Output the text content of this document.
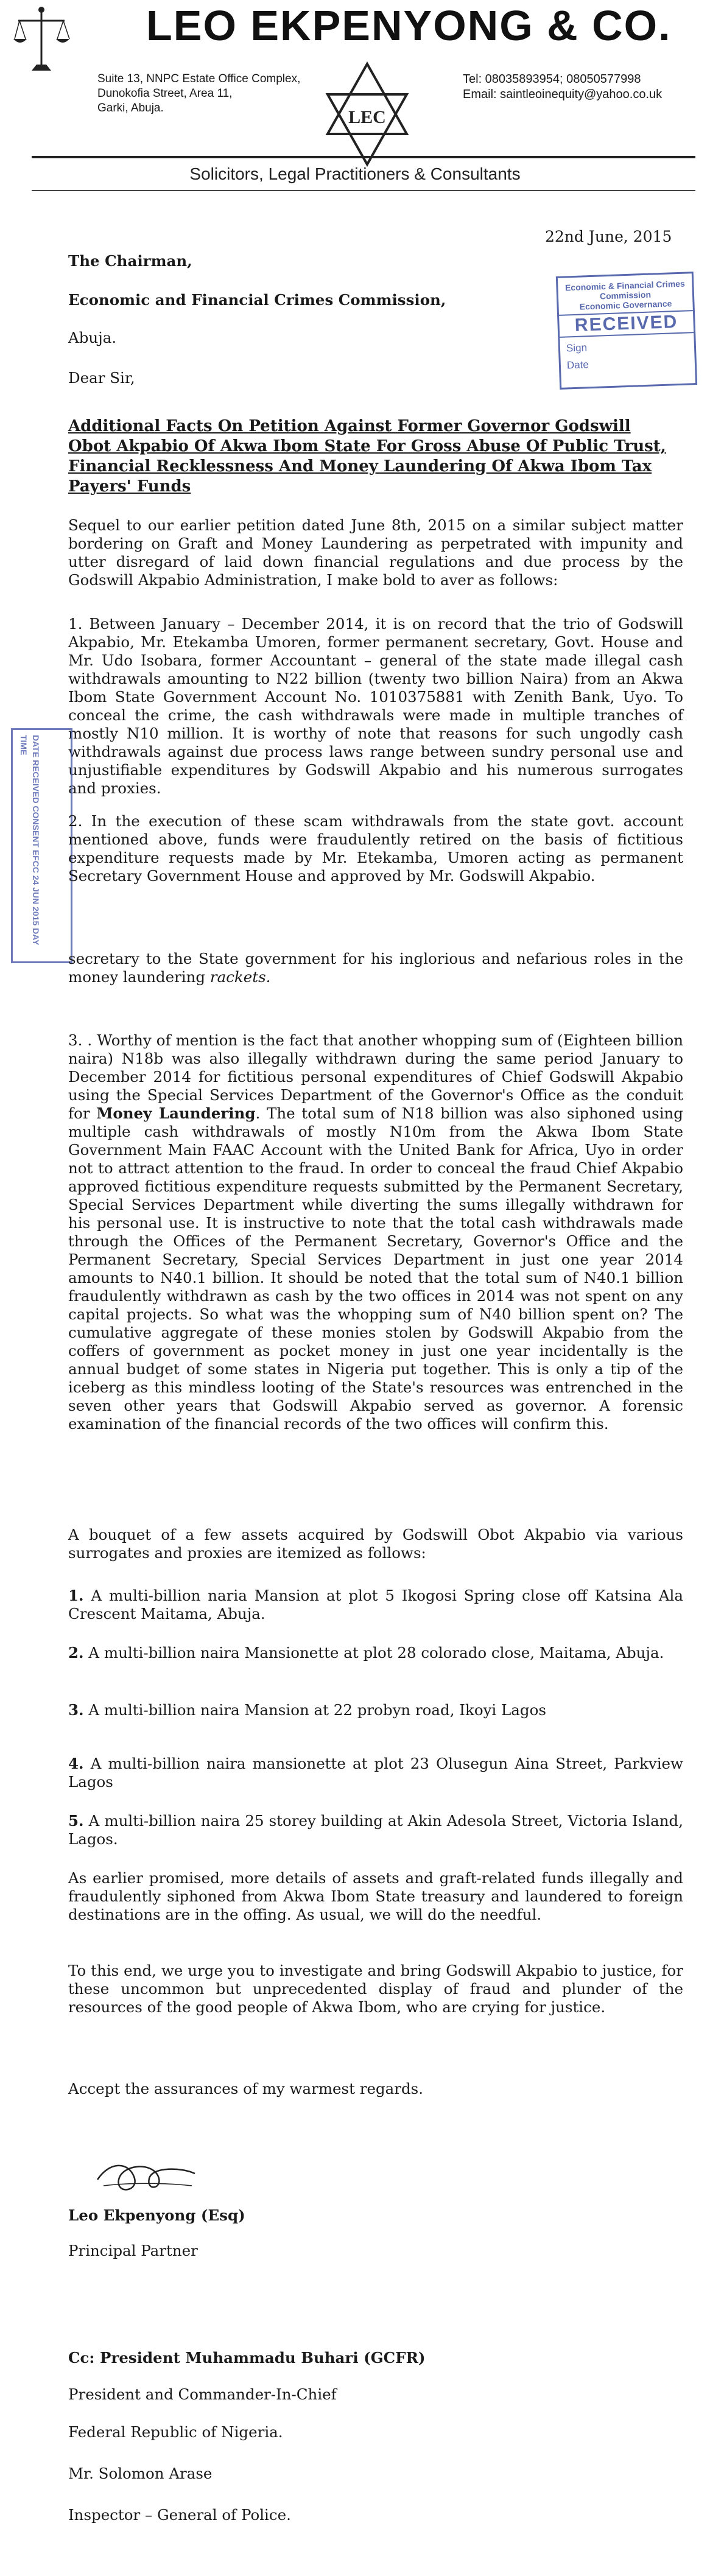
LEO EKPENYONG & CO.
Suite 13, NNPC Estate Office Complex,
Dunokofia Street, Area 11,
Garki, Abuja.	LEC
Tel: 08035893954; 08050577998
Email: saintleoinequity@yahoo.co.uk
Solicitors, Legal Practitioners & Consultants
22nd June, 2015
The Chairman,
Economic and Financial Crimes Commission,
Abuja.
Dear Sir,
Economic & Financial Crimes Commission
Economic Governance
RECEIVED
Sign
Date
Additional Facts On Petition Against Former Governor Godswill Obot Akpabio Of Akwa Ibom State For Gross Abuse Of Public Trust, Financial Recklessness And Money Laundering Of Akwa Ibom Tax Payers' Funds
Sequel to our earlier petition dated June 8th, 2015 on a similar subject matter bordering on Graft and Money Laundering as perpetrated with impunity and utter disregard of laid down financial regulations and due process by the Godswill Akpabio Administration, I make bold to aver as follows:
1. Between January – December 2014, it is on record that the trio of Godswill Akpabio, Mr. Etekamba Umoren, former permanent secretary, Govt. House and Mr. Udo Isobara, former Accountant – general of the state made illegal cash withdrawals amounting to N22 billion (twenty two billion Naira) from an Akwa Ibom State Government Account No. 1010375881 with Zenith Bank, Uyo. To conceal the crime, the cash withdrawals were made in multiple tranches of mostly N10 million. It is worthy of note that reasons for such ungodly cash withdrawals against due process laws range between sundry personal use and unjustifiable expenditures by Godswill Akpabio and his numerous surrogates and proxies.
DATE RECEIVED CONSENT EFCC 24 JUN 2015 DAY TIME
2. In the execution of these scam withdrawals from the state govt. account mentioned above, funds were fraudulently retired on the basis of fictitious expenditure requests made by Mr. Etekamba, Umoren acting as permanent Secretary Government House and approved by Mr. Godswill Akpabio.
secretary to the State government for his inglorious and nefarious roles in the money laundering rackets.
3. . Worthy of mention is the fact that another whopping sum of (Eighteen billion naira) N18b was also illegally withdrawn during the same period January to December 2014 for fictitious personal expenditures of Chief Godswill Akpabio using the Special Services Department of the Governor's Office as the conduit for Money Laundering. The total sum of N18 billion was also siphoned using multiple cash withdrawals of mostly N10m from the Akwa Ibom State Government Main FAAC Account with the United Bank for Africa, Uyo in order not to attract attention to the fraud. In order to conceal the fraud Chief Akpabio approved fictitious expenditure requests submitted by the Permanent Secretary, Special Services Department while diverting the sums illegally withdrawn for his personal use. It is instructive to note that the total cash withdrawals made through the Offices of the Permanent Secretary, Governor's Office and the Permanent Secretary, Special Services Department in just one year 2014 amounts to N40.1 billion. It should be noted that the total sum of N40.1 billion fraudulently withdrawn as cash by the two offices in 2014 was not spent on any capital projects. So what was the whopping sum of N40 billion spent on? The cumulative aggregate of these monies stolen by Godswill Akpabio from the coffers of government as pocket money in just one year incidentally is the annual budget of some states in Nigeria put together. This is only a tip of the iceberg as this mindless looting of the State's resources was entrenched in the seven other years that Godswill Akpabio served as governor. A forensic examination of the financial records of the two offices will confirm this.
A bouquet of a few assets acquired by Godswill Obot Akpabio via various surrogates and proxies are itemized as follows:
1. A multi-billion naria Mansion at plot 5 Ikogosi Spring close off Katsina Ala Crescent Maitama, Abuja.
2. A multi-billion naira Mansionette at plot 28 colorado close, Maitama, Abuja.
3. A multi-billion naira Mansion at 22 probyn road, Ikoyi Lagos
4. A multi-billion naira mansionette at plot 23 Olusegun Aina Street, Parkview Lagos
5. A multi-billion naira 25 storey building at Akin Adesola Street, Victoria Island, Lagos.
As earlier promised, more details of assets and graft-related funds illegally and fraudulently siphoned from Akwa Ibom State treasury and laundered to foreign destinations are in the offing. As usual, we will do the needful.
To this end, we urge you to investigate and bring Godswill Akpabio to justice, for these uncommon but unprecedented display of fraud and plunder of the resources of the good people of Akwa Ibom, who are crying for justice.
Accept the assurances of my warmest regards.
Leo Ekpenyong (Esq)
Principal Partner
Cc: President Muhammadu Buhari (GCFR)
President and Commander-In-Chief
Federal Republic of Nigeria.
Mr. Solomon Arase
Inspector – General of Police.
